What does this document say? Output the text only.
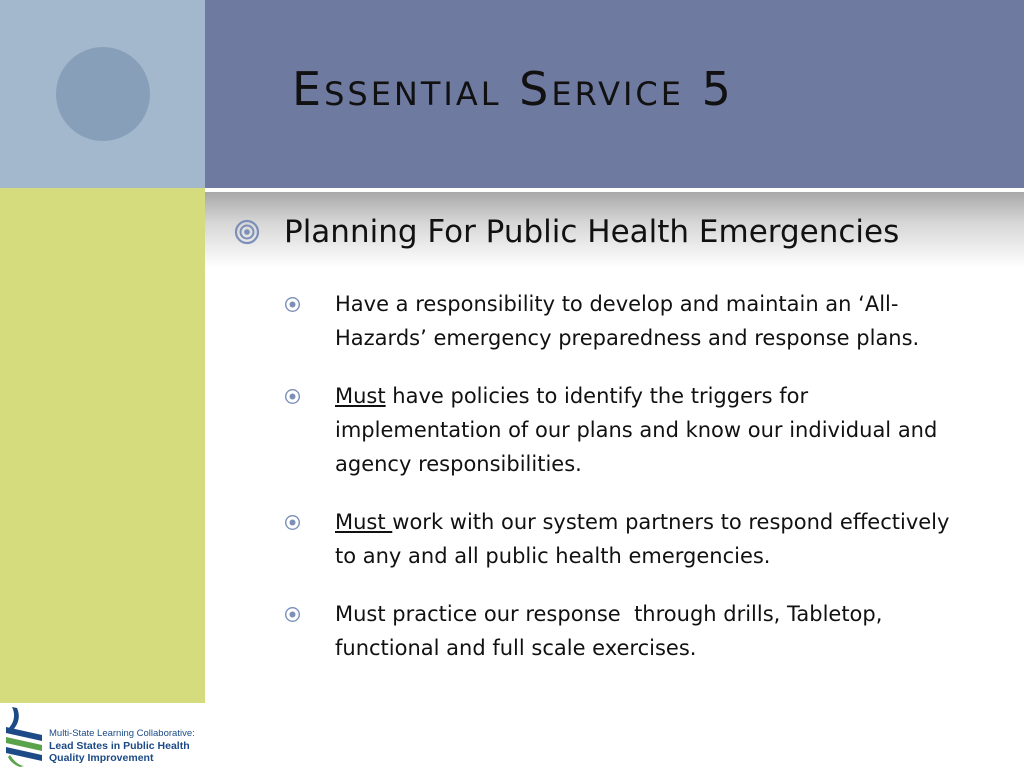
Essential Service 5
Planning For Public Health Emergencies
Have a responsibility to develop and maintain an ‘All-Hazards’ emergency preparedness and response plans.
Must have policies to identify the triggers for implementation of our plans and know our individual and agency responsibilities.
Must work with our system partners to respond effectively to any and all public health emergencies.
Must practice our response  through drills, Tabletop, functional and full scale exercises.
Multi-State Learning Collaborative:
Lead States in Public Health
Quality Improvement
